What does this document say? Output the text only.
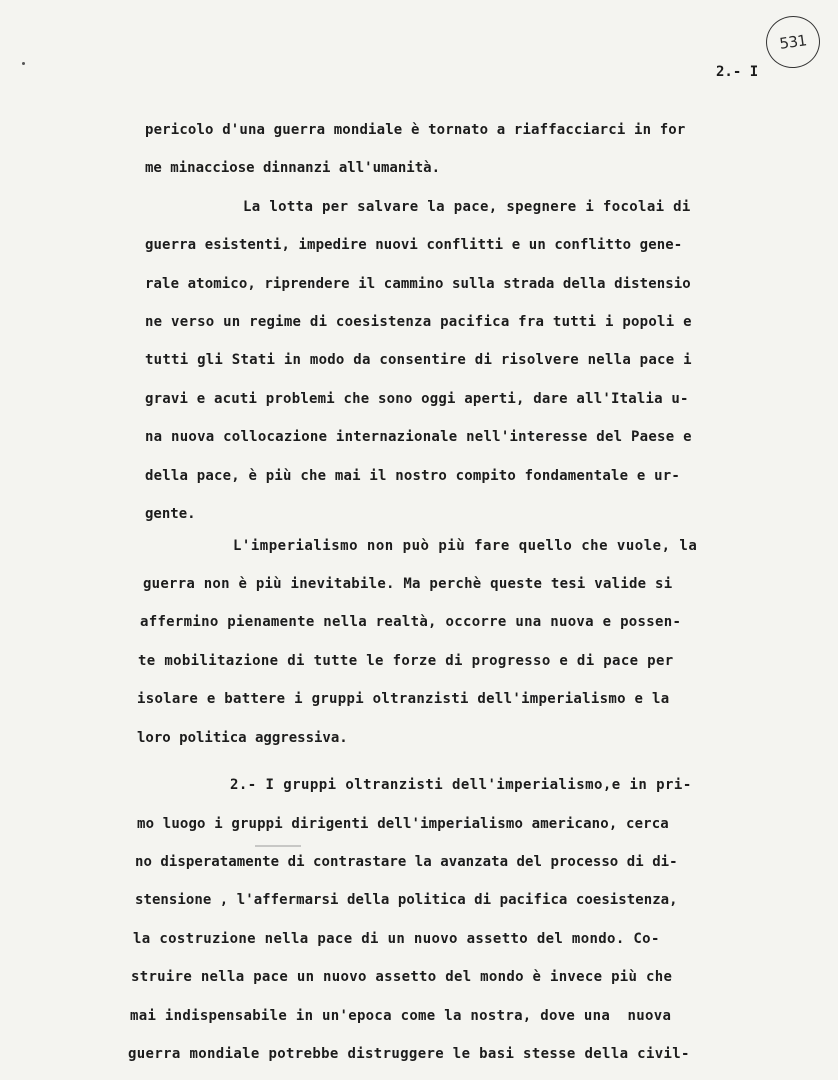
531
2.- I
pericolo d'una guerra mondiale è tornato a riaffacciarci in for
me minacciose dinnanzi all'umanità.
La lotta per salvare la pace, spegnere i focolai di
guerra esistenti, impedire nuovi conflitti e un conflitto gene-
rale atomico, riprendere il cammino sulla strada della distensio
ne verso un regime di coesistenza pacifica fra tutti i popoli e
tutti gli Stati in modo da consentire di risolvere nella pace i
gravi e acuti problemi che sono oggi aperti, dare all'Italia u-
na nuova collocazione internazionale nell'interesse del Paese e
della pace, è più che mai il nostro compito fondamentale e ur-
gente.
L'imperialismo non può più fare quello che vuole, la
guerra non è più inevitabile. Ma perchè queste tesi valide si
affermino pienamente nella realtà, occorre una nuova e possen-
te mobilitazione di tutte le forze di progresso e di pace per
isolare e battere i gruppi oltranzisti dell'imperialismo e la
loro politica aggressiva.
2.- I gruppi oltranzisti dell'imperialismo,e in pri-
mo luogo i gruppi dirigenti dell'imperialismo americano, cerca
no disperatamente di contrastare la avanzata del processo di di-
stensione , l'affermarsi della politica di pacifica coesistenza,
la costruzione nella pace di un nuovo assetto del mondo. Co-
struire nella pace un nuovo assetto del mondo è invece più che
mai indispensabile in un'epoca come la nostra, dove una  nuova
guerra mondiale potrebbe distruggere le basi stesse della civil-
